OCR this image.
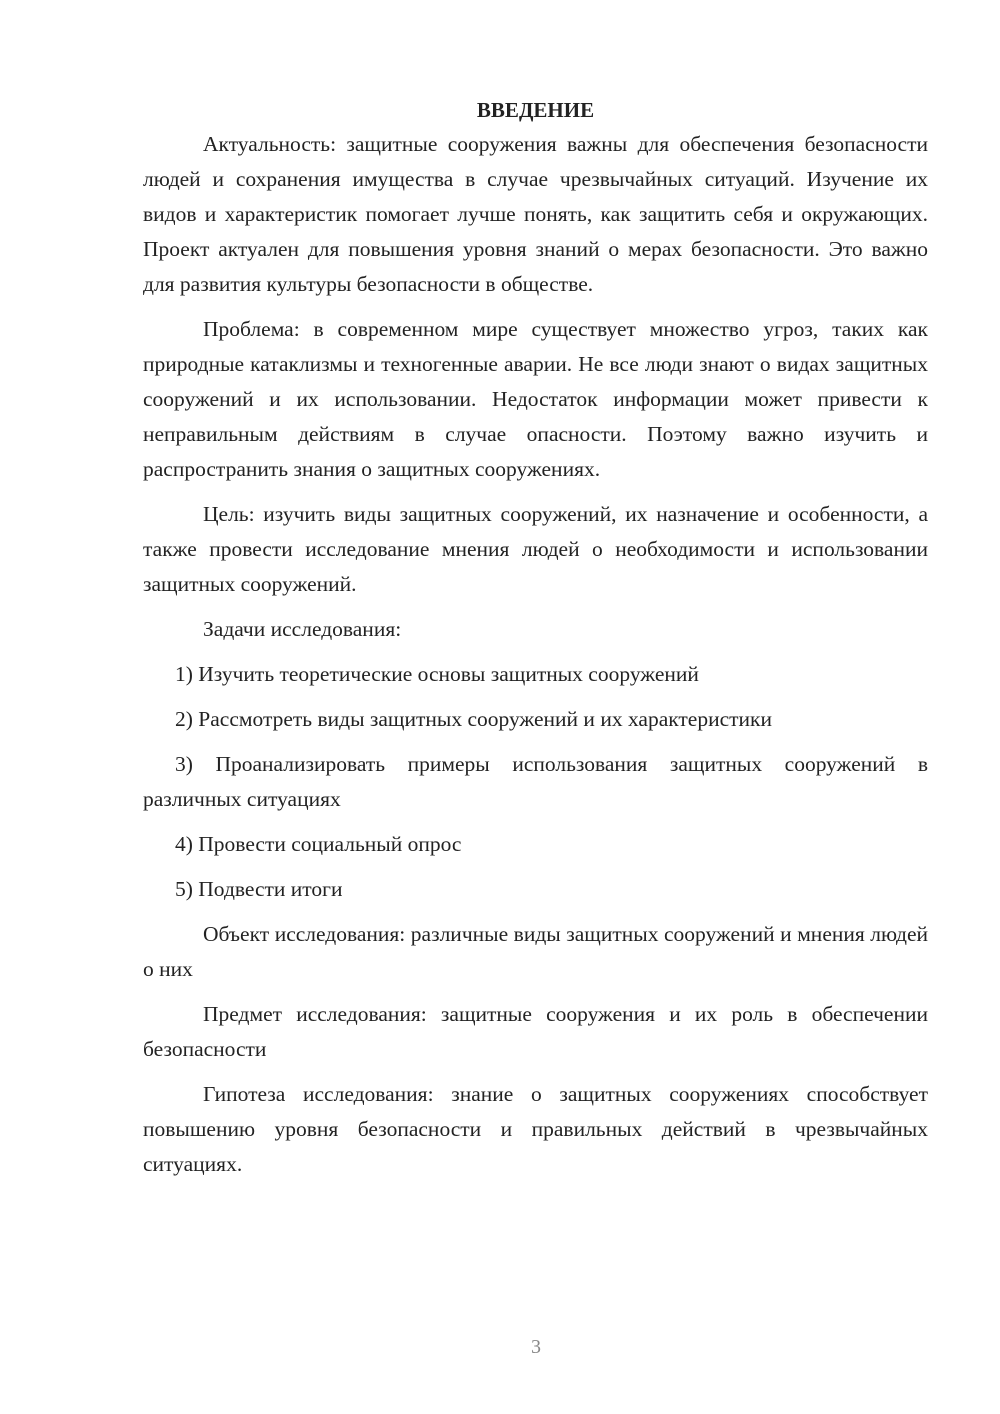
ВВЕДЕНИЕ

Актуальность: защитные сооружения важны для обеспечения безопасности людей и сохранения имущества в случае чрезвычайных ситуаций. Изучение их видов и характеристик помогает лучше понять, как защитить себя и окружающих. Проект актуален для повышения уровня знаний о мерах безопасности. Это важно для развития культуры безопасности в обществе.

Проблема: в современном мире существует множество угроз, таких как природные катаклизмы и техногенные аварии. Не все люди знают о видах защитных сооружений и их использовании. Недостаток информации может привести к неправильным действиям в случае опасности. Поэтому важно изучить и распространить знания о защитных сооружениях.

Цель: изучить виды защитных сооружений, их назначение и особенности, а также провести исследование мнения людей о необходимости и использовании защитных сооружений.

Задачи исследования:

1) Изучить теоретические основы защитных сооружений

2) Рассмотреть виды защитных сооружений и их характеристики

3) Проанализировать примеры использования защитных сооружений в различных ситуациях

4) Провести социальный опрос

5) Подвести итоги

Объект исследования: различные виды защитных сооружений и мнения людей о них

Предмет исследования: защитные сооружения и их роль в обеспечении безопасности

Гипотеза исследования: знание о защитных сооружениях способствует повышению уровня безопасности и правильных действий в чрезвычайных ситуациях.

3
